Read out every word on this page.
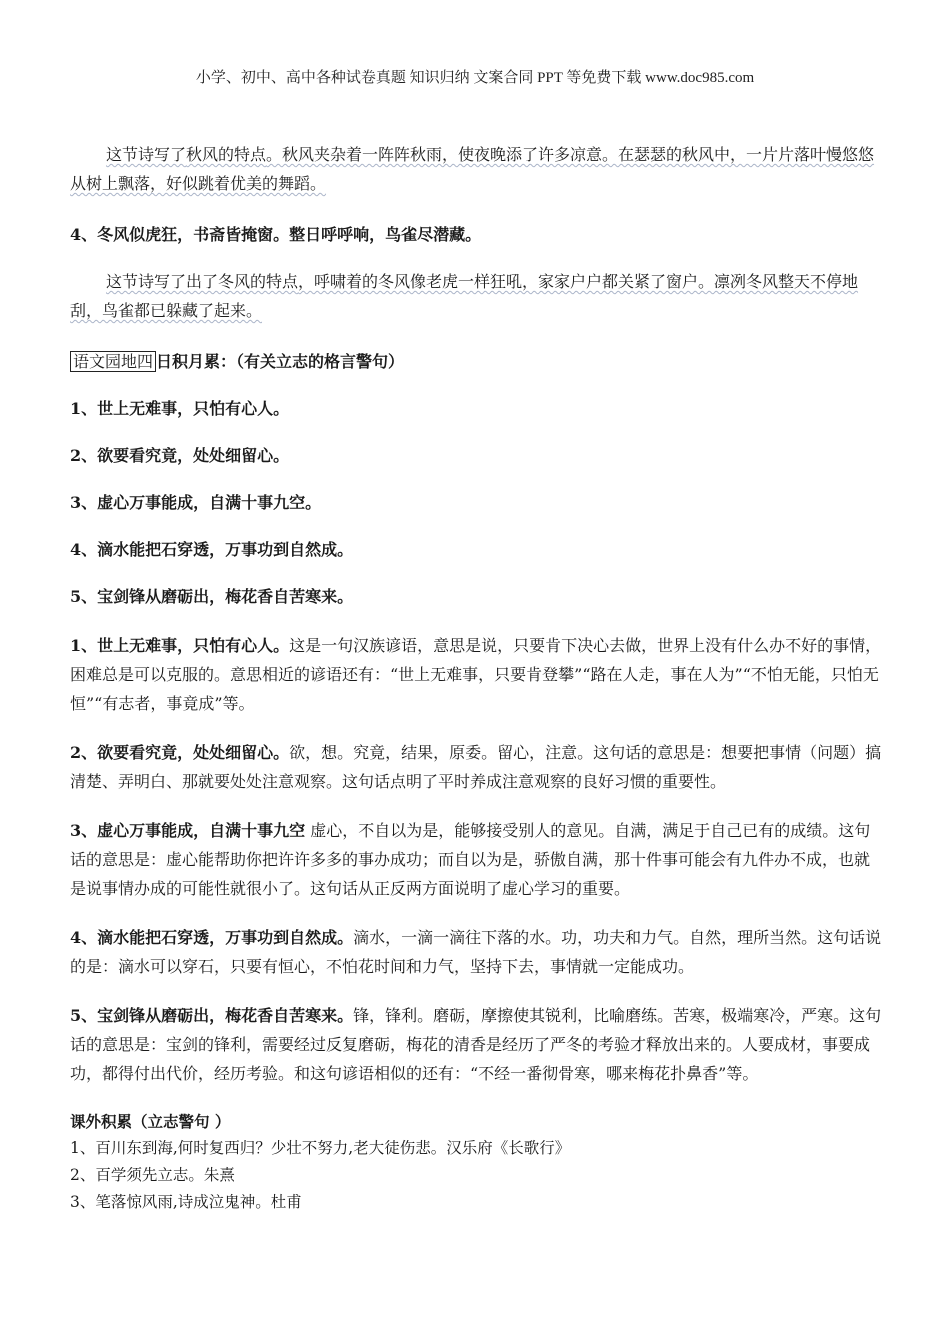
小学、初中、高中各种试卷真题 知识归纳 文案合同 PPT 等免费下载 www.doc985.com

这节诗写了秋风的特点。秋风夹杂着一阵阵秋雨，使夜晚添了许多凉意。在瑟瑟的秋风中，一片片落叶慢悠悠从树上飘落，好似跳着优美的舞蹈。

4、冬风似虎狂，书斋皆掩窗。整日呼呼响，鸟雀尽潜藏。

这节诗写了出了冬风的特点，呼啸着的冬风像老虎一样狂吼，家家户户都关紧了窗户。凛冽冬风整天不停地刮，鸟雀都已躲藏了起来。

语文园地四 日积月累：（有关立志的格言警句）

1、世上无难事，只怕有心人。

2、欲要看究竟，处处细留心。

3、虚心万事能成，自满十事九空。

4、滴水能把石穿透，万事功到自然成。

5、宝剑锋从磨砺出，梅花香自苦寒来。

1、世上无难事，只怕有心人。这是一句汉族谚语，意思是说，只要肯下决心去做，世界上没有什么办不好的事情，困难总是可以克服的。意思相近的谚语还有：“世上无难事，只要肯登攀”“路在人走，事在人为”“不怕无能，只怕无恒”“有志者，事竟成”等。

2、欲要看究竟，处处细留心。欲，想。究竟，结果，原委。留心，注意。这句话的意思是：想要把事情（问题）搞清楚、弄明白、那就要处处注意观察。这句话点明了平时养成注意观察的良好习惯的重要性。

3、虚心万事能成，自满十事九空 虚心，不自以为是，能够接受别人的意见。自满，满足于自己已有的成绩。这句话的意思是：虚心能帮助你把许许多多的事办成功；而自以为是，骄傲自满，那十件事可能会有九件办不成，也就是说事情办成的可能性就很小了。这句话从正反两方面说明了虚心学习的重要。

4、滴水能把石穿透，万事功到自然成。滴水，一滴一滴往下落的水。功，功夫和力气。自然，理所当然。这句话说的是：滴水可以穿石，只要有恒心，不怕花时间和力气，坚持下去，事情就一定能成功。

5、宝剑锋从磨砺出，梅花香自苦寒来。锋，锋利。磨砺，摩擦使其锐利，比喻磨练。苦寒，极端寒冷，严寒。这句话的意思是：宝剑的锋利，需要经过反复磨砺，梅花的清香是经历了严冬的考验才释放出来的。人要成材，事要成功，都得付出代价，经历考验。和这句谚语相似的还有：“不经一番彻骨寒，哪来梅花扑鼻香”等。

课外积累（立志警句 ）

1、百川东到海,何时复西归？少壮不努力,老大徒伤悲。汉乐府《长歌行》

2、百学须先立志。朱熹

3、笔落惊风雨,诗成泣鬼神。杜甫
